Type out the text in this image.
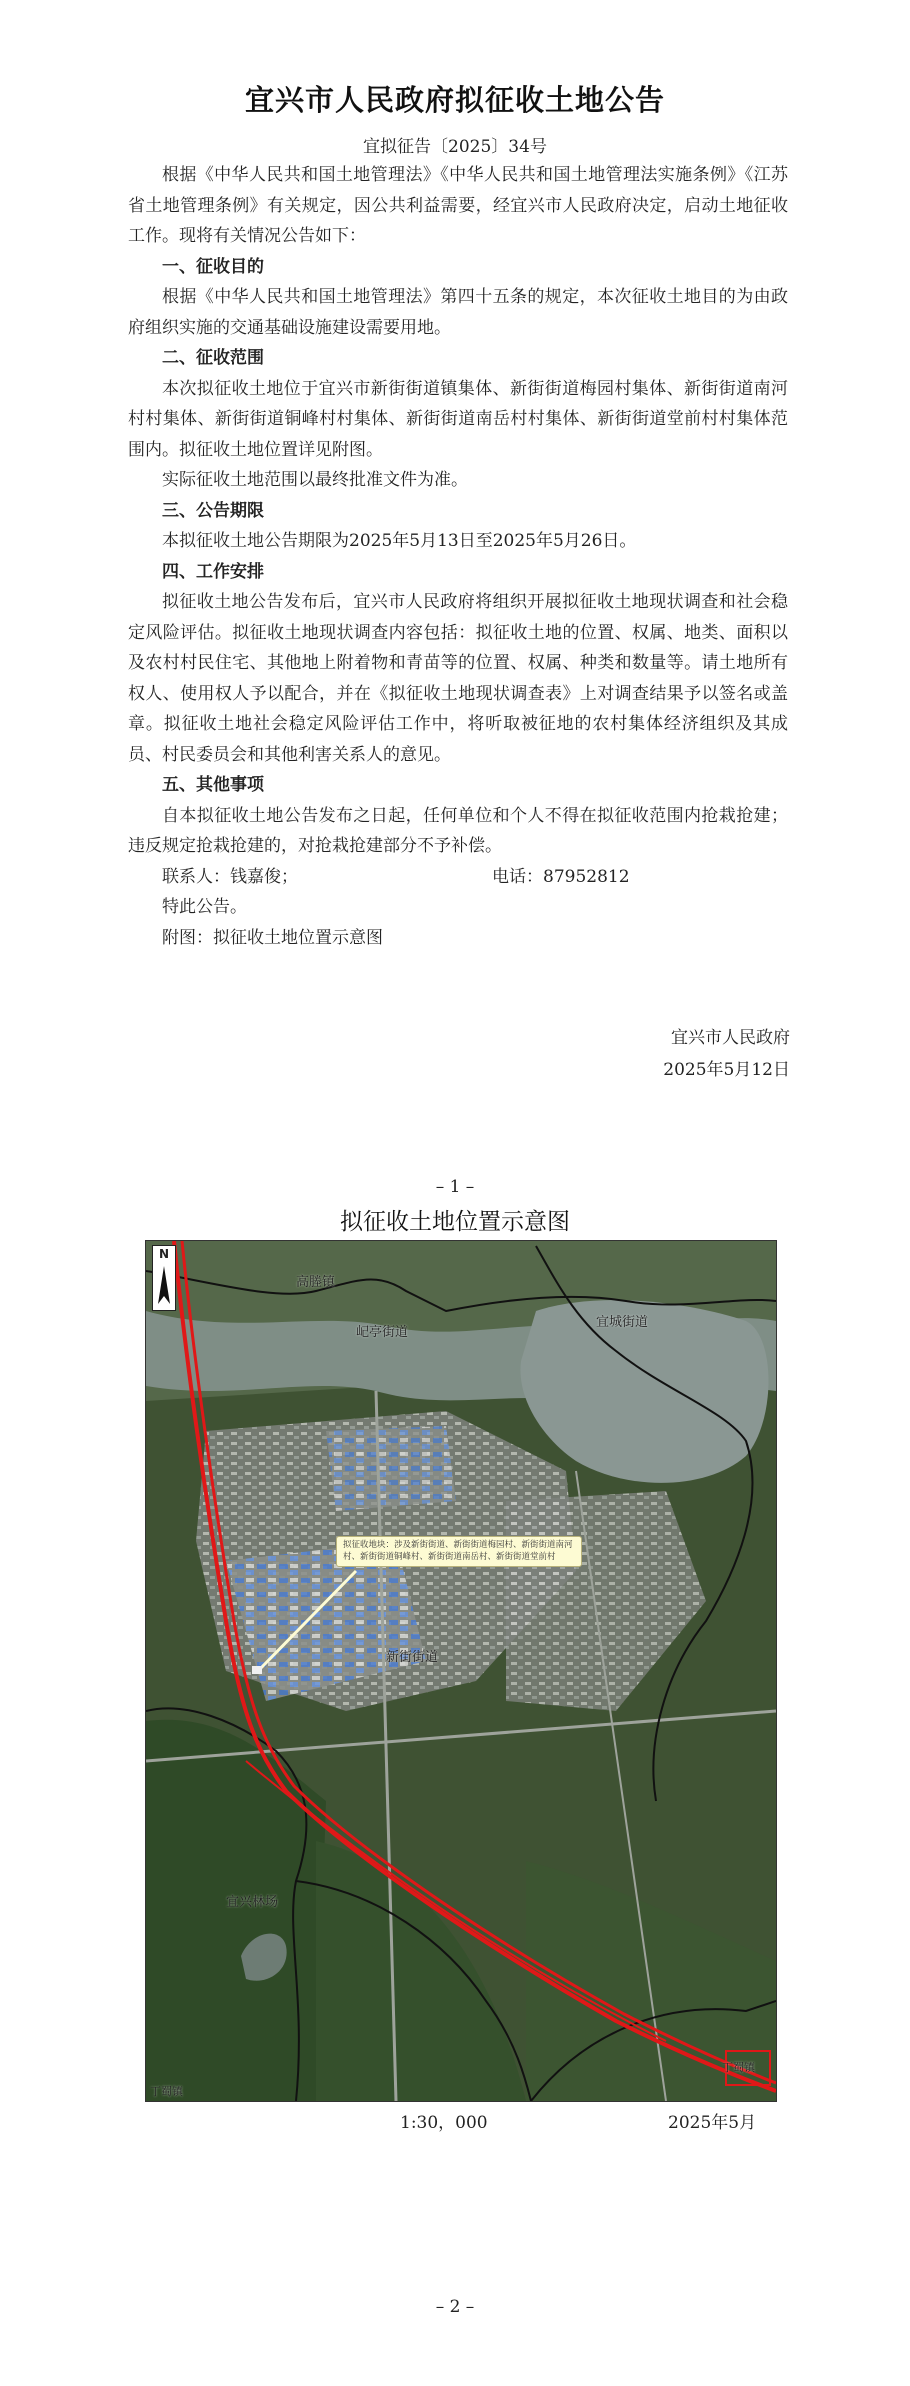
宜兴市人民政府拟征收土地公告
宜拟征告〔2025〕34号

根据《中华人民共和国土地管理法》《中华人民共和国土地管理法实施条例》《江苏省土地管理条例》有关规定，因公共利益需要，经宜兴市人民政府决定，启动土地征收工作。现将有关情况公告如下：

一、征收目的

根据《中华人民共和国土地管理法》第四十五条的规定，本次征收土地目的为由政府组织实施的交通基础设施建设需要用地。

二、征收范围

本次拟征收土地位于宜兴市新街街道镇集体、新街街道梅园村集体、新街街道南河村村集体、新街街道铜峰村村集体、新街街道南岳村村集体、新街街道堂前村村集体范围内。拟征收土地位置详见附图。

实际征收土地范围以最终批准文件为准。

三、公告期限

本拟征收土地公告期限为2025年5月13日至2025年5月26日。

四、工作安排

拟征收土地公告发布后，宜兴市人民政府将组织开展拟征收土地现状调查和社会稳定风险评估。拟征收土地现状调查内容包括：拟征收土地的位置、权属、地类、面积以及农村村民住宅、其他地上附着物和青苗等的位置、权属、种类和数量等。请土地所有权人、使用权人予以配合，并在《拟征收土地现状调查表》上对调查结果予以签名或盖章。拟征收土地社会稳定风险评估工作中，将听取被征地的农村集体经济组织及其成员、村民委员会和其他利害关系人的意见。

五、其他事项

自本拟征收土地公告发布之日起，任何单位和个人不得在拟征收范围内抢栽抢建；违反规定抢栽抢建的，对抢栽抢建部分不予补偿。

联系人：钱嘉俊；	电话：87952812

特此公告。

附图：拟征收土地位置示意图

宜兴市人民政府
2025年5月12日
– 1 –
拟征收土地位置示意图
N
拟征收地块：涉及新街街道、新街街道梅园村、新街街道南河村、新街街道铜峰村、新街街道南岳村、新街街道堂前村
高塍镇
屺亭街道
宜城街道
新街街道
宜兴林场
丁蜀镇
丁蜀镇
1:30，000	2025年5月
– 2 –
